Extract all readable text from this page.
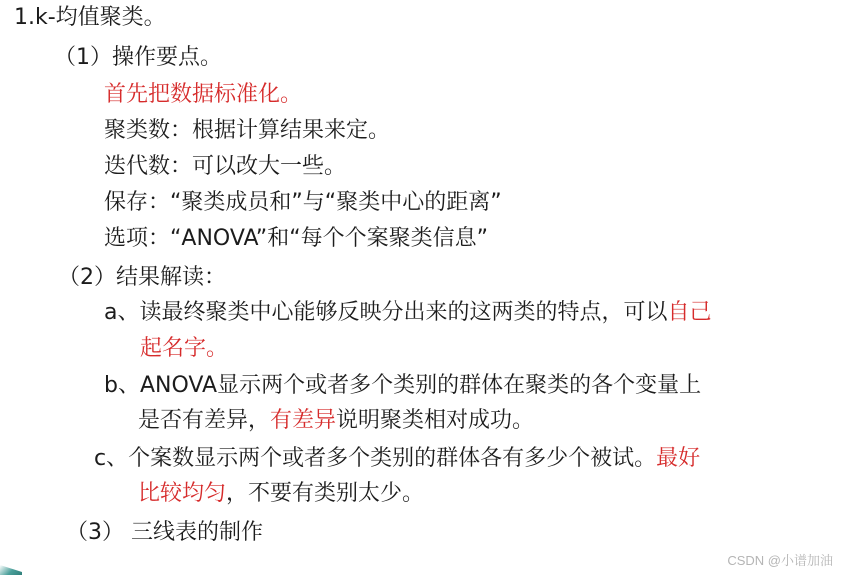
1.k-均值聚类。
（1）操作要点。
首先把数据标准化。
聚类数：根据计算结果来定。
迭代数：可以改大一些。
保存：“聚类成员和”与“聚类中心的距离”
选项：“ANOVA”和“每个个案聚类信息”
（2）结果解读：
a、读最终聚类中心能够反映分出来的这两类的特点，可以自己
起名字。
b、ANOVA显示两个或者多个类别的群体在聚类的各个变量上
是否有差异，有差异说明聚类相对成功。
c、个案数显示两个或者多个类别的群体各有多少个被试。最好
比较均匀，不要有类别太少。
（3） 三线表的制作
CSDN @小谱加油
